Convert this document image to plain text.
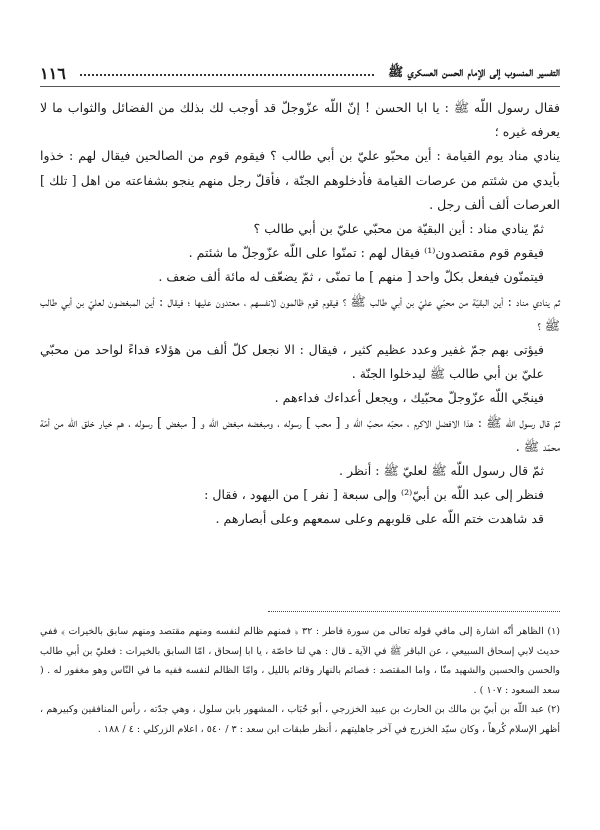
١١٦	التفسير المنسوب إلى الإمام الحسن العسكري ﷺ

فقال رسول اللّه ﷺ : يا ابا الحسن ! إنّ اللّه عزّوجلّ قد أوجب لك بذلك من الفضائل والثواب ما لا يعرفه غيره ؛

ينادي مناد يوم القيامة : أين محبّو عليّ بن أبي طالب ؟ فيقوم قوم من الصالحين فيقال لهم : خذوا بأيدي من شئتم من عرصات القيامة فأدخلوهم الجنّة ، فأقلّ رجل منهم ينجو بشفاعته من اهل [ تلك ] العرصات ألف ألف رجل .

ثمّ ينادي مناد : أين البقيّة من محبّي عليّ بن أبي طالب ؟

فيقوم قوم مقتصدون⁽¹⁾ فيقال لهم : تمنّوا على اللّه عزّوجلّ ما شئتم .

فيتمنّون فيفعل بكلّ واحد [ منهم ] ما تمنّى ، ثمّ يضعّف له مائة ألف ضعف .

ثم ينادي مناد : أين البقيّة من محبّي عليّ بن أبي طالب ﷺ ؟ فيقوم قوم ظالمون لانفسهم ، معتدون عليها ؛ فيقال : أين المبغضون لعليّ بن أبي طالب ﷺ ؟

فيؤتى بهم جمّ غفير وعدد عظيم كثير ، فيقال : الا نجعل كلّ ألف من هؤلاء فداءً لواحد من محبّي عليّ بن أبي طالب ﷺ ليدخلوا الجنّة .

فينجّي اللّه عزّوجلّ محبّيك ، ويجعل أعداءك فداءهم .

ثمّ قال رسول اللّه ﷺ : هذا الافضل الاكرم ، محبّه محبّ اللّه و [ محب ] رسوله ، ومبغضه مبغض اللّه و [ مبغض ] رسوله ، هم خيار خلق اللّه من أمّة محمّد ﷺ .

ثمّ قال رسول اللّه ﷺ لعليّ ﷺ : أنظر .

فنظر إلى عبد اللّه بن أبيّ⁽²⁾ وإلى سبعة [ نفر ] من اليهود ، فقال :

قد شاهدت ختم اللّه على قلوبهم وعلى سمعهم وعلى أبصارهم .

(١) الظاهر أنّه اشارة إلى مافي قوله تعالى من سورة فاطر : ٣٢ ﴿ فمنهم ظالم لنفسه ومنهم مقتصد ومنهم سابق بالخيرات ﴾ ففي حديث لابي إسحاق السبيعي ، عن الباقر ﷺ في الآية ـ قال : هي لنا خاصّة ، يا ابا إسحاق ، امّا السابق بالخيرات : فعليّ بن أبي طالب والحسن والحسين والشهيد منّا ، واما المقتصد : فصائم بالنهار وقائم بالليل ، وامّا الظالم لنفسه ففيه ما في النّاس وهو مغفور له . ( سعد السعود : ١٠٧ ) .

(٢) عبد اللّه بن أبيّ بن مالك بن الحارث بن عبيد الخزرجي ، أبو حُبَاب ، المشهور بابن سلول ، وهي جدّته ، رأس المنافقين وكبيرهم ، أظهر الإسلام كُرهاً ، وكان سيّد الخزرج في آخر جاهليتهم ، أنظر طبقات ابن سعد : ٣ / ٥٤٠ ، اعلام الزركلي : ٤ / ١٨٨ .
